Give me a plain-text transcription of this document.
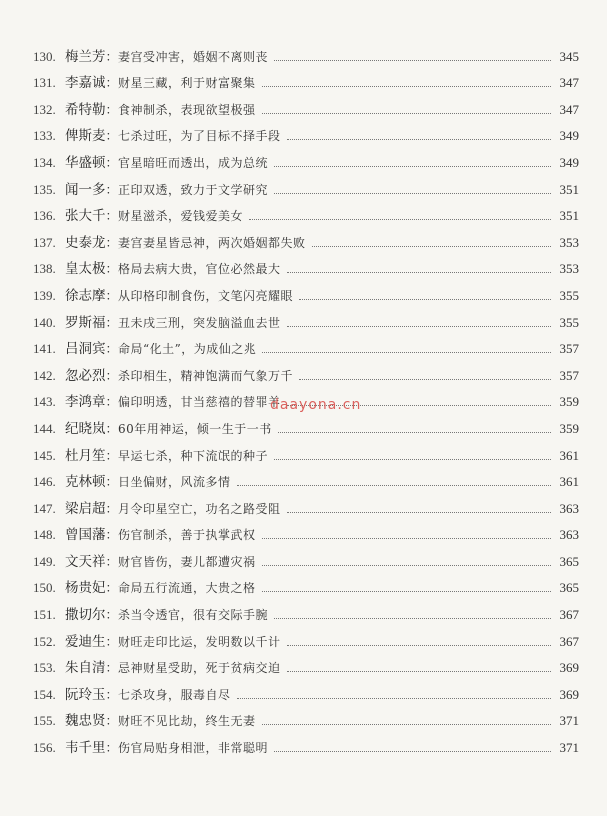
130. 梅兰芳 ： 妻宫受冲害，婚姻不离则丧	345
131. 李嘉诚 ： 财星三藏，利于财富聚集	347
132. 希特勒 ： 食神制杀，表现欲望极强	347
133. 俾斯麦 ： 七杀过旺，为了目标不择手段	349
134. 华盛顿 ： 官星暗旺而透出，成为总统	349
135. 闻一多 ： 正印双透，致力于文学研究	351
136. 张大千 ： 财星滋杀，爱钱爱美女	351
137. 史泰龙 ： 妻宫妻星皆忌神，两次婚姻都失败	353
138. 皇太极 ： 格局去病大贵，官位必然最大	353
139. 徐志摩 ： 从印格印制食伤，文笔闪亮耀眼	355
140. 罗斯福 ： 丑未戌三刑，突发脑溢血去世	355
141. 吕洞宾 ： 命局“化土”，为成仙之兆	357
142. 忽必烈 ： 杀印相生，精神饱满而气象万千	357
143. 李鸿章 ： 偏印明透，甘当慈禧的替罪羊	359
144. 纪晓岚 ： 60年用神运，倾一生于一书	359
145. 杜月笙 ： 早运七杀，种下流氓的种子	361
146. 克林顿 ： 日坐偏财，风流多情	361
147. 梁启超 ： 月令印星空亡，功名之路受阻	363
148. 曾国藩 ： 伤官制杀，善于执掌武权	363
149. 文天祥 ： 财官皆伤，妻儿都遭灾祸	365
150. 杨贵妃 ： 命局五行流通，大贵之格	365
151. 撒切尔 ： 杀当令透官，很有交际手腕	367
152. 爱迪生 ： 财旺走印比运，发明数以千计	367
153. 朱自清 ： 忌神财星受助，死于贫病交迫	369
154. 阮玲玉 ： 七杀攻身，服毒自尽	369
155. 魏忠贤 ： 财旺不见比劫，终生无妻	371
156. 韦千里 ： 伤官局贴身相泄，非常聪明	371
daayona.cn
